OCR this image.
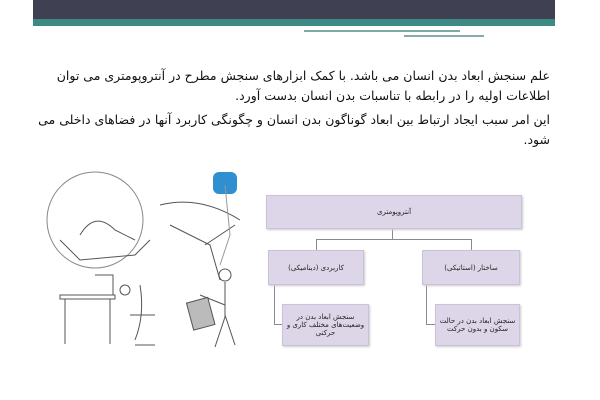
علم سنجش ابعاد بدن انسان می باشد. با کمک ابزارهای سنجش مطرح در آنتروپومتری می توان اطلاعات اولیه را در رابطه با تناسبات بدن انسان بدست آورد.
این امر سبب ایجاد ارتباط بین ابعاد گوناگون بدن انسان و چگونگی کاربرد آنها در فضاهای داخلی می شود.
آنتروپومتری
کاربردی (دینامیکی)	ساختار (استاتیکی)
سنجش ابعاد بدن در وضعیت‌های مختلف کاری و حرکتی
سنجش ابعاد بدن در حالت سکون و بدون حرکت
